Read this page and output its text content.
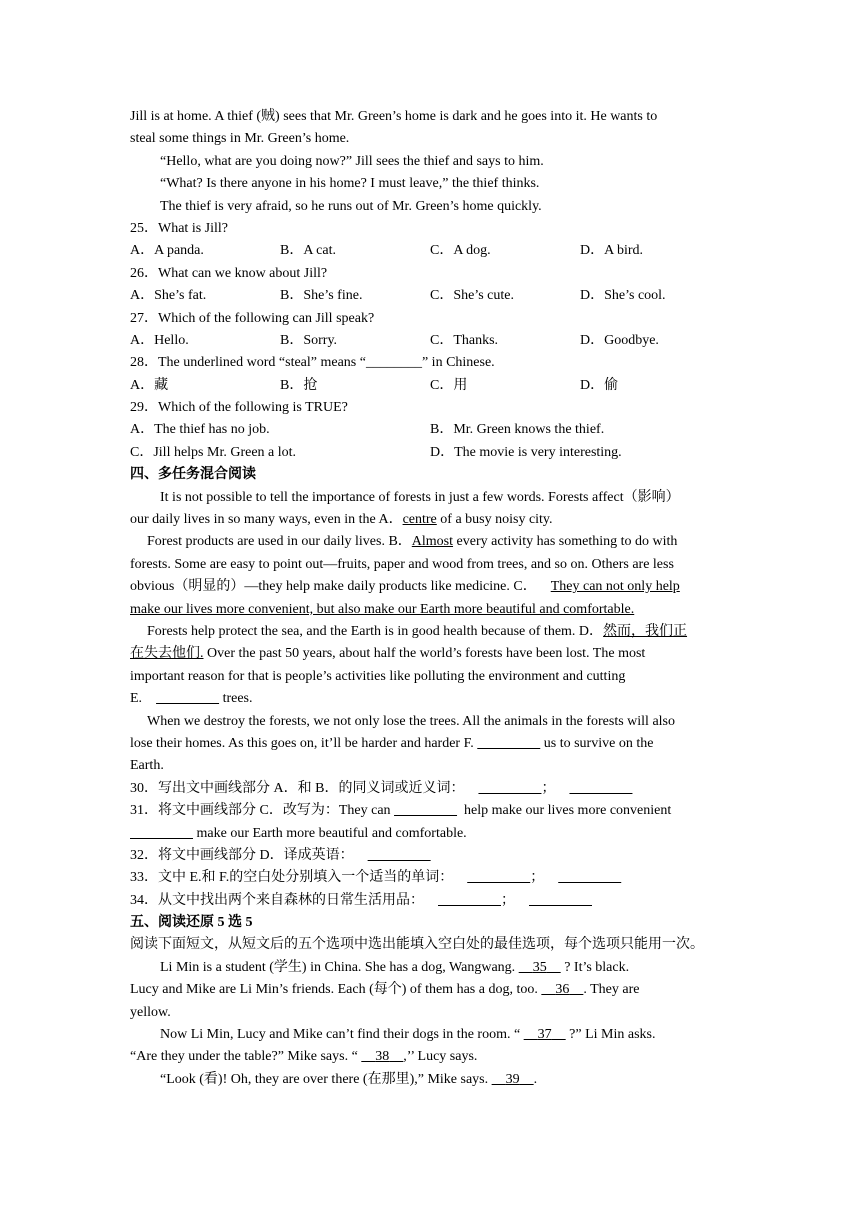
Jill is at home. A thief (贼) sees that Mr. Green’s home is dark and he goes into it. He wants to
steal some things in Mr. Green’s home.
“Hello, what are you doing now?” Jill sees the thief and says to him.
“What? Is there anyone in his home? I must leave,” the thief thinks.
The thief is very afraid, so he runs out of Mr. Green’s home quickly.
25．What is Jill?
A．A panda.	B．A cat.	C．A dog.	D．A bird.
26．What can we know about Jill?
A．She’s fat.	B．She’s fine.	C．She’s cute.	D．She’s cool.
27．Which of the following can Jill speak?
A．Hello.	B．Sorry.	C．Thanks.	D．Goodbye.
28．The underlined word “steal” means “________” in Chinese.
A．藏	B．抢	C．用	D．偷
29．Which of the following is TRUE?
A．The thief has no job.	B．Mr. Green knows the thief.
C．Jill helps Mr. Green a lot.	D．The movie is very interesting.
四、多任务混合阅读
It is not possible to tell the importance of forests in just a few words. Forests affect（影响）
our daily lives in so many ways, even in the A．centre of a busy noisy city.
Forest products are used in our daily lives. B．Almost every activity has something to do with
forests. Some are easy to point out—fruits, paper and wood from trees, and so on. Others are less
obvious（明显的）—they help make daily products like medicine. C． They can not only help
make our lives more convenient, but also make our Earth more beautiful and comfortable.
Forests help protect the sea, and the Earth is in good health because of them. D．然而，我们正
在失去他们. Over the past 50 years, about half the world’s forests have been lost. The most
important reason for that is people’s activities like polluting the environment and cutting
E.         	trees.
When we destroy the forests, we not only lose the trees. All the animals in the forests will also
lose their homes. As this goes on, it’ll be harder and harder F.          	us to survive on the
Earth.
30．写出文中画线部分 A．和 B．的同义词或近义词：         	；         
31．将文中画线部分 C．改写为：They can           	help make our lives more convenient
          make our Earth more beautiful and comfortable.
32．将文中画线部分 D．译成英语：         
33．文中 E.和 F.的空白处分别填入一个适当的单词：         	；         
34．从文中找出两个来自森林的日常生活用品：         	；         
五、阅读还原 5 选 5
阅读下面短文，从短文后的五个选项中选出能填入空白处的最佳选项，每个选项只能用一次。
Li Min is a student (学生) in China. She has a dog, Wangwang.   35   ? It’s black.
Lucy and Mike are Li Min’s friends. Each (每个) of them has a dog, too.   36   . They are
yellow.
Now Li Min, Lucy and Mike can’t find their dogs in the room. “   37   ?” Li Min asks.
“Are they under the table?” Mike says. “   38   ,’’ Lucy says.
“Look (看)! Oh, they are over there (在那里),” Mike says.   39   .
